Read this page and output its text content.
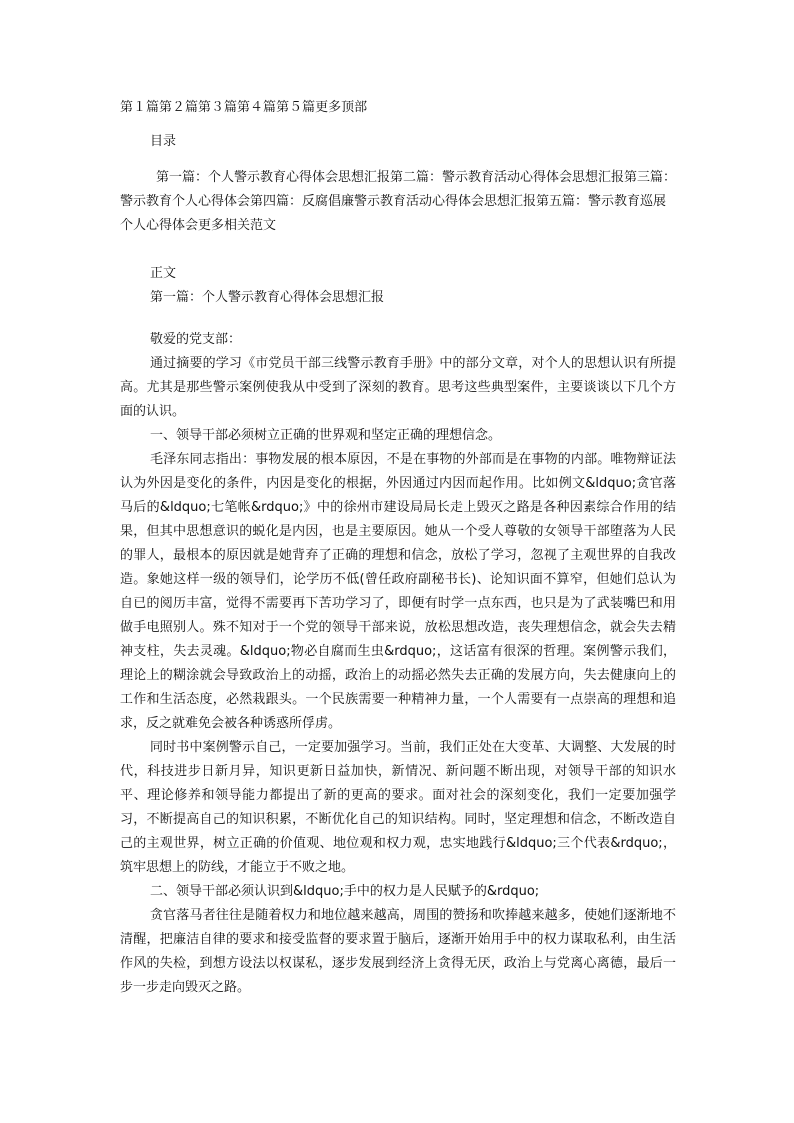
第１篇第２篇第３篇第４篇第５篇更多顶部
目录
第一篇：个人警示教育心得体会思想汇报第二篇：警示教育活动心得体会思想汇报第三篇：警示教育个人心得体会第四篇：反腐倡廉警示教育活动心得体会思想汇报第五篇：警示教育巡展个人心得体会更多相关范文
正文
第一篇：个人警示教育心得体会思想汇报
敬爱的党支部：

通过摘要的学习《市党员干部三线警示教育手册》中的部分文章，对个人的思想认识有所提高。尤其是那些警示案例使我从中受到了深刻的教育。思考这些典型案件，主要谈谈以下几个方面的认识。

一、领导干部必须树立正确的世界观和坚定正确的理想信念。

毛泽东同志指出：事物发展的根本原因，不是在事物的外部而是在事物的内部。唯物辩证法认为外因是变化的条件，内因是变化的根据，外因通过内因而起作用。比如例文&ldquo;贪官落马后的&ldquo;七笔帐&rdquo;》中的徐州市建设局局长走上毁灭之路是各种因素综合作用的结果，但其中思想意识的蜕化是内因，也是主要原因。她从一个受人尊敬的女领导干部堕落为人民的罪人，最根本的原因就是她背弃了正确的理想和信念，放松了学习，忽视了主观世界的自我改造。象她这样一级的领导们，论学历不低(曾任政府副秘书长)、论知识面不算窄，但她们总认为自已的阅历丰富，觉得不需要再下苦功学习了，即便有时学一点东西，也只是为了武装嘴巴和用做手电照别人。殊不知对于一个党的领导干部来说，放松思想改造，丧失理想信念，就会失去精神支柱，失去灵魂。&ldquo;物必自腐而生虫&rdquo;，这话富有很深的哲理。案例警示我们，理论上的糊涂就会导致政治上的动摇，政治上的动摇必然失去正确的发展方向，失去健康向上的工作和生活态度，必然栽跟头。一个民族需要一种精神力量，一个人需要有一点崇高的理想和追求，反之就难免会被各种诱惑所俘虏。

同时书中案例警示自己，一定要加强学习。当前，我们正处在大变革、大调整、大发展的时代，科技进步日新月异，知识更新日益加快，新情况、新问题不断出现，对领导干部的知识水平、理论修养和领导能力都提出了新的更高的要求。面对社会的深刻变化，我们一定要加强学习，不断提高自己的知识积累，不断优化自己的知识结构。同时，坚定理想和信念，不断改造自己的主观世界，树立正确的价值观、地位观和权力观，忠实地践行&ldquo;三个代表&rdquo;，筑牢思想上的防线，才能立于不败之地。

二、领导干部必须认识到&ldquo;手中的权力是人民赋予的&rdquo;

贪官落马者往往是随着权力和地位越来越高，周围的赞扬和吹捧越来越多，使她们逐渐地不清醒，把廉洁自律的要求和接受监督的要求置于脑后，逐渐开始用手中的权力谋取私利，由生活作风的失检，到想方设法以权谋私，逐步发展到经济上贪得无厌，政治上与党离心离德，最后一步一步走向毁灭之路。
